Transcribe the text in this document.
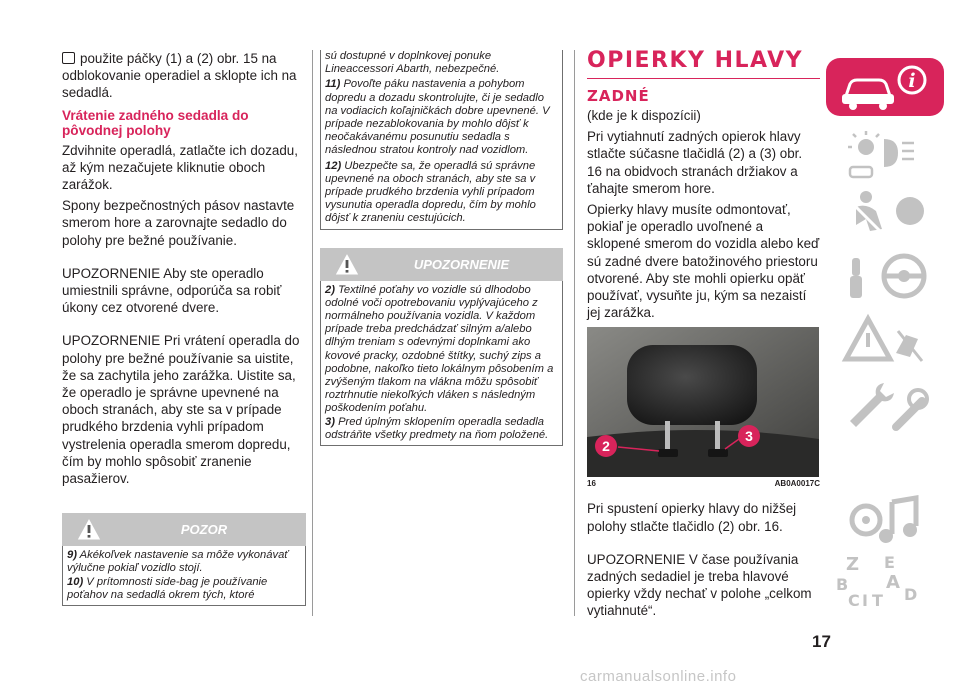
použite páčky (1) a (2) obr. 15 na odblokovanie operadiel a sklopte ich na sedadlá.

Vrátenie zadného sedadla do pôvodnej polohy

Zdvihnite operadlá, zatlačte ich dozadu, až kým nezačujete kliknutie oboch zarážok.

Spony bezpečnostných pásov nastavte smerom hore a zarovnajte sedadlo do polohy pre bežné používanie.

UPOZORNENIE Aby ste operadlo umiestnili správne, odporúča sa robiť úkony cez otvorené dvere.

UPOZORNENIE Pri vrátení operadla do polohy pre bežné používanie sa uistite, že sa zachytila jeho zarážka. Uistite sa, že operadlo je správne upevnené na oboch stranách, aby ste sa v prípade prudkého brzdenia vyhli prípadom vystrelenia operadla smerom dopredu, čím by mohlo spôsobiť zranenie pasažierov.

POZOR
9) Akékoľvek nastavenie sa môže vykonávať výlučne pokiaľ vozidlo stojí.
10) V prítomnosti side-bag je používanie poťahov na sedadlá okrem tých, ktoré
sú dostupné v doplnkovej ponuke Lineaccessori Abarth, nebezpečné.
11) Povoľte páku nastavenia a pohybom dopredu a dozadu skontrolujte, či je sedadlo na vodiacich koľajničkách dobre upevnené. V prípade nezablokovania by mohlo dôjsť k neočakávanému posunutiu sedadla s následnou stratou kontroly nad vozidlom.
12) Ubezpečte sa, že operadlá sú správne upevnené na oboch stranách, aby ste sa v prípade prudkého brzdenia vyhli prípadom vysunutia operadla dopredu, čím by mohlo dôjsť k zraneniu cestujúcich.
UPOZORNENIE
2) Textilné poťahy vo vozidle sú dlhodobo odolné voči opotrebovaniu vyplývajúceho z normálneho používania vozidla. V každom prípade treba predchádzať silným a/alebo dlhým treniam s odevnými doplnkami ako kovové pracky, ozdobné štítky, suchý zips a podobne, nakoľko tieto lokálnym pôsobením a zvýšeným tlakom na vlákna môžu spôsobiť roztrhnutie niekoľkých vláken s následným poškodením poťahu.
3) Pred úplným sklopením operadla sedadla odstráňte všetky predmety na ňom položené.
OPIERKY HLAVY
ZADNÉ

(kde je k dispozícii)

Pri vytiahnutí zadných opierok hlavy stlačte súčasne tlačidlá (2) a (3) obr. 16 na obidvoch stranách držiakov a ťahajte smerom hore.

Opierky hlavy musíte odmontovať, pokiaľ je operadlo uvoľnené a sklopené smerom do vozidla alebo keď sú zadné dvere batožinového priestoru otvorené. Aby ste mohli opierku opäť používať, vysuňte ju, kým sa nezaistí jej zarážka.

2
3
16	AB0A0017C

Pri spustení opierky hlavy do nižšej polohy stlačte tlačidlo (2) obr. 16.

UPOZORNENIE V čase používania zadných sedadiel je treba hlavové opierky vždy nechať v polohe „celkom vytiahnuté“.

i
Z E
B A
C I T D
17
carmanualsonline.info
